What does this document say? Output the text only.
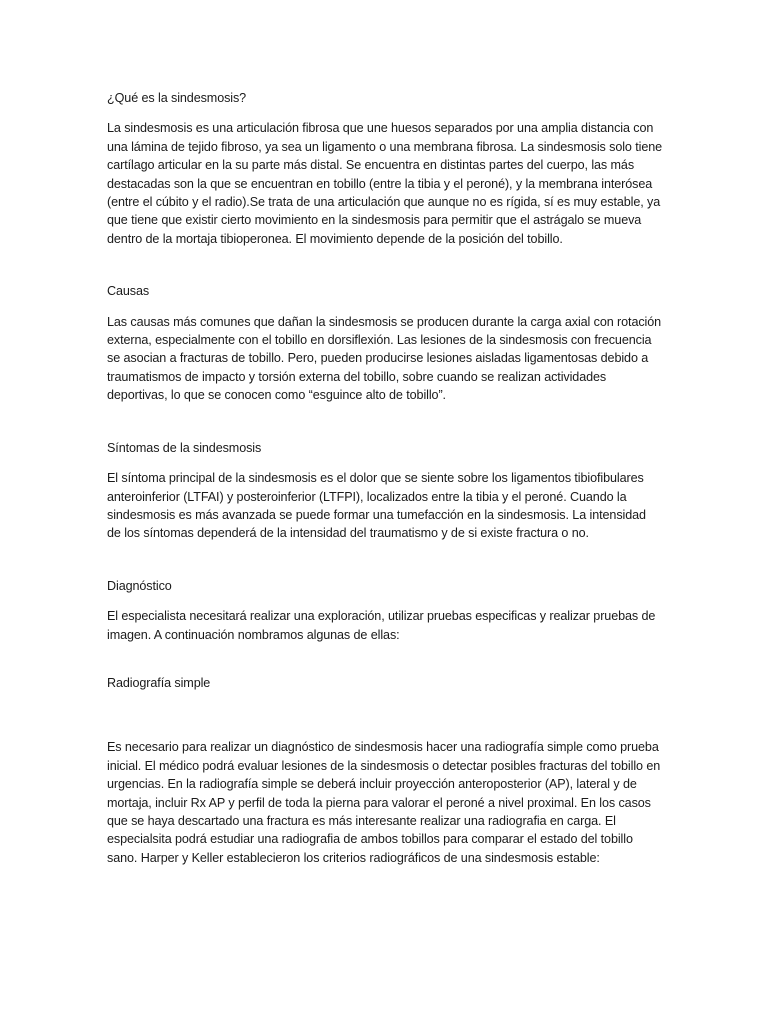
¿Qué es la sindesmosis?

La sindesmosis es una articulación fibrosa que une huesos separados por una amplia distancia con una lámina de tejido fibroso, ya sea un ligamento o una membrana fibrosa. La sindesmosis solo tiene cartílago articular en la su parte más distal. Se encuentra en distintas partes del cuerpo, las más destacadas son la que se encuentran en tobillo (entre la tibia y el peroné), y la membrana interósea (entre el cúbito y el radio).Se trata de una articulación que aunque no es rígida, sí es muy estable, ya que tiene que existir cierto movimiento en la sindesmosis para permitir que el astrágalo se mueva dentro de la mortaja tibioperonea. El movimiento depende de la posición del tobillo.

Causas

Las causas más comunes que dañan la sindesmosis se producen durante la carga axial con rotación externa, especialmente con el tobillo en dorsiflexión. Las lesiones de la sindesmosis con frecuencia se asocian a fracturas de tobillo. Pero, pueden producirse lesiones aisladas ligamentosas debido a traumatismos de impacto y torsión externa del tobillo, sobre cuando se realizan actividades deportivas, lo que se conocen como “esguince alto de tobillo”.

Síntomas de la sindesmosis

El síntoma principal de la sindesmosis es el dolor que se siente sobre los ligamentos tibiofibulares anteroinferior (LTFAI) y posteroinferior (LTFPI), localizados entre la tibia y el peroné. Cuando la sindesmosis es más avanzada se puede formar una tumefacción en la sindesmosis. La intensidad de los síntomas dependerá de la intensidad del traumatismo y de si existe fractura o no.

Diagnóstico

El especialista necesitará realizar una exploración, utilizar pruebas especificas y realizar pruebas de imagen. A continuación nombramos algunas de ellas:

Radiografía simple

Es necesario para realizar un diagnóstico de sindesmosis hacer una radiografía simple como prueba inicial. El médico podrá evaluar lesiones de la sindesmosis o detectar posibles fracturas del tobillo en urgencias. En la radiografía simple se deberá incluir proyección anteroposterior (AP), lateral y de mortaja, incluir Rx AP y perfil de toda la pierna para valorar el peroné a nivel proximal. En los casos que se haya descartado una fractura es más interesante realizar una radiografia en carga. El especialsita podrá estudiar una radiografia de ambos tobillos para comparar el estado del tobillo sano. Harper y Keller establecieron los criterios radiográficos de una sindesmosis estable:
